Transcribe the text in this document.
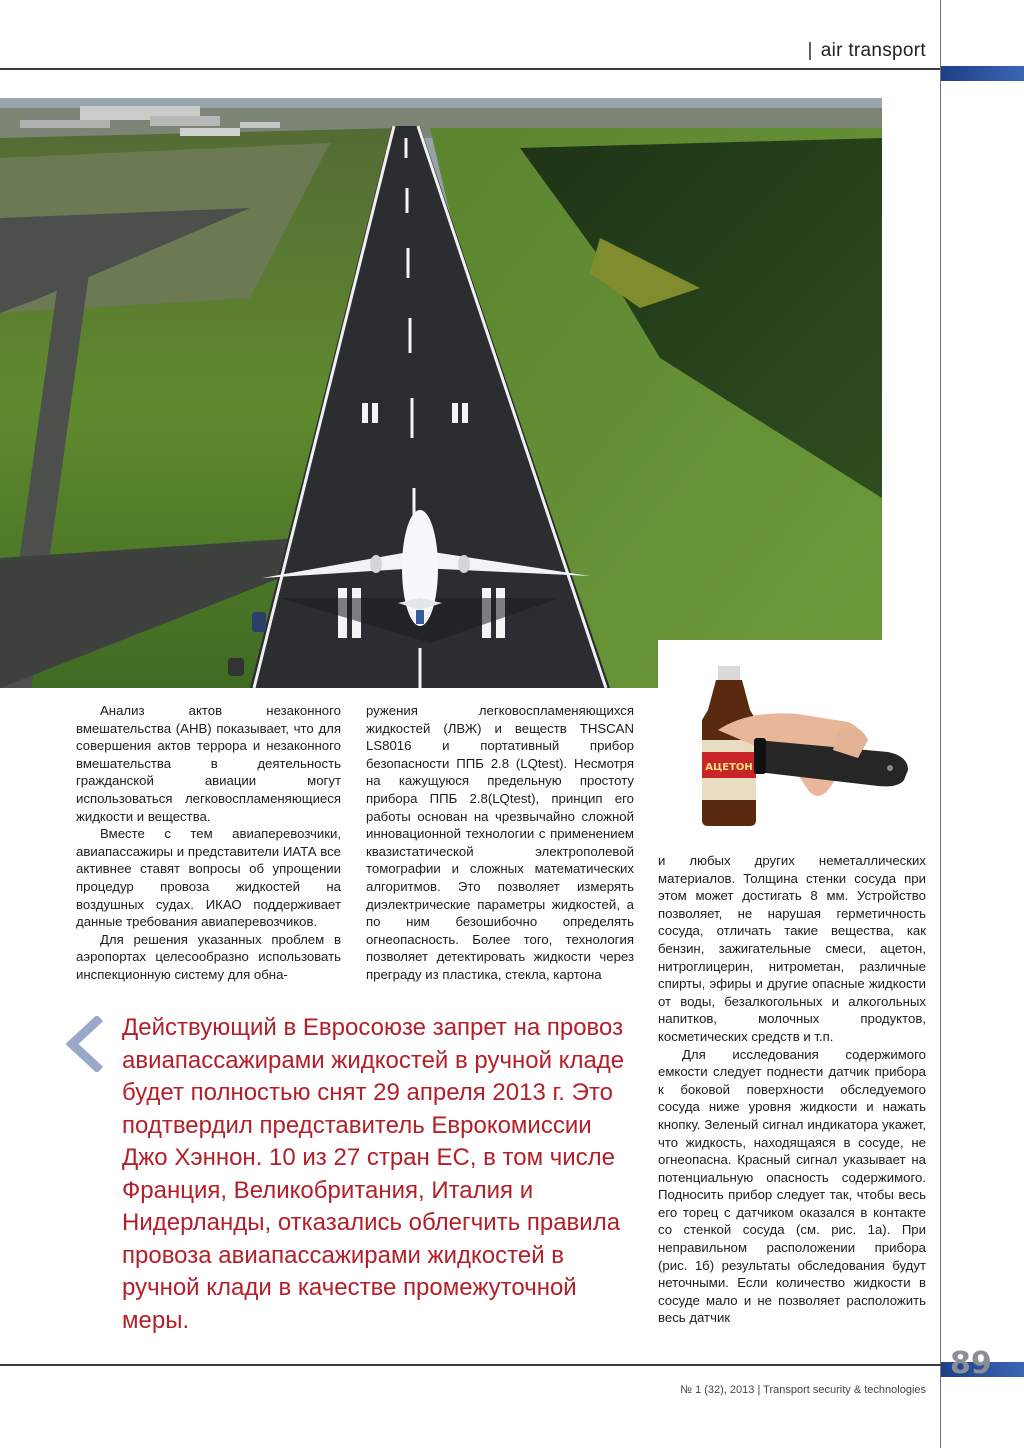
| air transport
АЦЕТОН

Анализ актов незаконного вмешательства (АНВ) показывает, что для совершения актов террора и незаконного вмешательства в деятельность гражданской авиации могут использоваться легковоспламеняющиеся жидкости и вещества.

Вместе с тем авиаперевозчики, авиапассажиры и представители ИАТА все активнее ставят вопросы об упрощении процедур провоза жидкостей на воздушных судах. ИКАО поддерживает данные требования авиаперевозчиков.

Для решения указанных проблем в аэропортах целесообразно использовать инспекционную систему для обна-

ружения легковоспламеняющихся жидкостей (ЛВЖ) и веществ THSCAN LS8016 и портативный прибор безопасности ППБ 2.8 (LQtest). Несмотря на кажущуюся предельную простоту прибора ППБ 2.8(LQtest), принцип его работы основан на чрезвычайно сложной инновационной технологии с применением квазистатической электрополевой томографии и сложных математических алгоритмов. Это позволяет измерять диэлектрические параметры жидкостей, а по ним безошибочно определять огнеопасность. Более того, технология позволяет детектировать жидкости через преграду из пластика, стекла, картона

и любых других неметаллических материалов. Толщина стенки сосуда при этом может достигать 8 мм. Устройство позволяет, не нарушая герметичность сосуда, отличать такие вещества, как бензин, зажигательные смеси, ацетон, нитроглицерин, нитрометан, различные спирты, эфиры и другие опасные жидкости от воды, безалкогольных и алкогольных напитков, молочных продуктов, косметических средств и т.п.

Для исследования содержимого емкости следует поднести датчик прибора к боковой поверхности обследуемого сосуда ниже уровня жидкости и нажать кнопку. Зеленый сигнал индикатора укажет, что жидкость, находящаяся в сосуде, не огнеопасна. Красный сигнал указывает на потенциальную опасность содержимого. Подносить прибор следует так, чтобы весь его торец с датчиком оказался в контакте со стенкой сосуда (см. рис. 1а). При неправильном расположении прибора (рис. 1б) результаты обследования будут неточными. Если количество жидкости в сосуде мало и не позволяет расположить весь датчик

Действующий в Евросоюзе запрет на провоз авиапассажирами жидкостей в ручной кладе будет полностью снят 29 апреля 2013 г. Это подтвердил представитель Еврокомиссии Джо Хэннон. 10 из 27 стран ЕС, в том числе Франция, Великобритания, Италия и Нидерланды, отказались облегчить правила провоза авиапассажирами жидкостей в ручной клади в качестве промежуточной меры.

89
№ 1 (32), 2013 | Transport security & technologies
